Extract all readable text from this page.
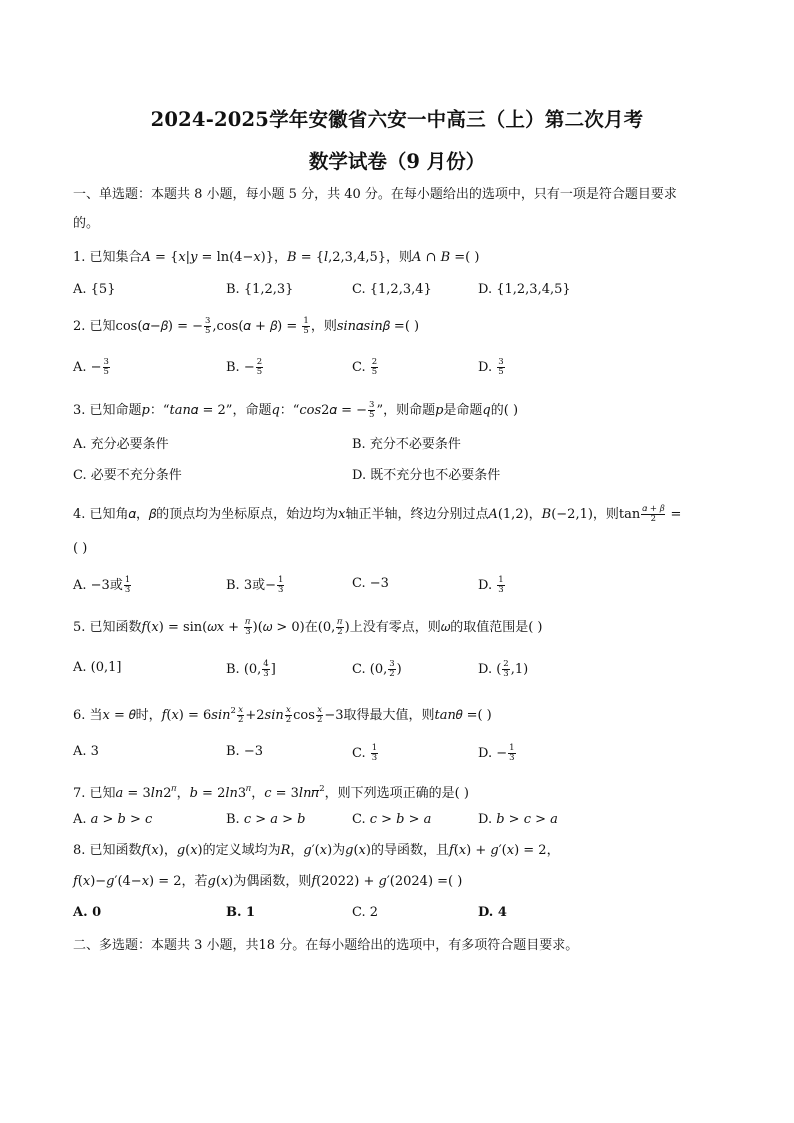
2024-2025学年安徽省六安一中高三（上）第二次月考
数学试卷（9 月份）
一、单选题：本题共 8 小题，每小题 5 分，共 40 分。在每小题给出的选项中，只有一项是符合题目要求
的。
1. 已知集合𝐴 = {𝑥|𝑦 = ln(4−𝑥)}，𝐵 = {𝑙,2,3,4,5}，则𝐴 ∩ 𝐵 =( )
A. {5}	B. {1,2,3}	C. {1,2,3,4}	D. {1,2,3,4,5}
2. 已知cos(𝛼−𝛽) = − $\frac{3}{5}$ ,cos(𝛼 + 𝛽) = $\frac{1}{5}$ ，则𝑠𝑖𝑛𝛼𝑠𝑖𝑛𝛽 =( )
A. − $\frac{3}{5}$	B. − $\frac{2}{5}$	C. $\frac{2}{5}$	D. $\frac{3}{5}$
3. 已知命题𝑝：“𝑡𝑎𝑛𝛼 = 2”，命题𝑞：“𝑐𝑜𝑠2𝛼 = − $\frac{3}{5}$ ”，则命题𝑝是命题𝑞的( )
A. 充分必要条件	B. 充分不必要条件
C. 必要不充分条件	D. 既不充分也不必要条件
4. 已知角𝛼，𝛽的顶点均为坐标原点，始边均为𝑥轴正半轴，终边分别过点𝐴(1,2)，𝐵(−2,1)，则$\tan \frac{\text{𝛼 + 𝛽}}{2}$ =
( )
A. −3或 $\frac{1}{3}$	B. 3或− $\frac{1}{3}$	C. −3	D. $\frac{1}{3}$
5. 已知函数𝑓(𝑥) = sin(𝜔𝑥 + $\frac{\text{𝜋}}{3}$ )(𝜔 > 0)在(0, $\frac{\text{𝜋}}{2}$ )上没有零点，则𝜔的取值范围是( )
A. (0,1]	B. (0, $\frac{4}{3}$ ]	C. (0, $\frac{3}{2}$ )	D. ( $\frac{2}{3} ,1$)
6. 当𝑥 = 𝜃时，𝑓(𝑥) = 6𝑠𝑖𝑛$^2$ $\frac{\text{𝑥}}{2}$ +2𝑠𝑖𝑛 $\frac{\text{𝑥}}{2}$ $\cos \frac{\text{𝑥}}{2} -3$取得最大值，则𝑡𝑎𝑛𝜃 =( )
A. 3	B. −3	C. $\frac{1}{3}$	D. − $\frac{1}{3}$
7. 已知𝑎 = $3𝑙𝑛2^𝜋$，𝑏 = $2𝑙𝑛3^𝜋$，𝑐 = 3𝑙𝑛𝜋$^2$，则下列选项正确的是( )
A. 𝑎 > 𝑏 > 𝑐	B. 𝑐 > 𝑎 > 𝑏	C. 𝑐 > 𝑏 > 𝑎	D. 𝑏 > 𝑐 > 𝑎
8. 已知函数𝑓(𝑥)，𝑔(𝑥)的定义域均为𝑅，𝑔′(𝑥)为𝑔(𝑥)的导函数，且𝑓(𝑥) + 𝑔′(𝑥) = 2，
𝑓(𝑥)−𝑔′(4−𝑥) = 2，若𝑔(𝑥)为偶函数，则𝑓(2022) + 𝑔′(2024) =( )
A. 0	B. 1	C. 2	D. 4
二、多选题：本题共 3 小题，共18 分。在每小题给出的选项中，有多项符合题目要求。
